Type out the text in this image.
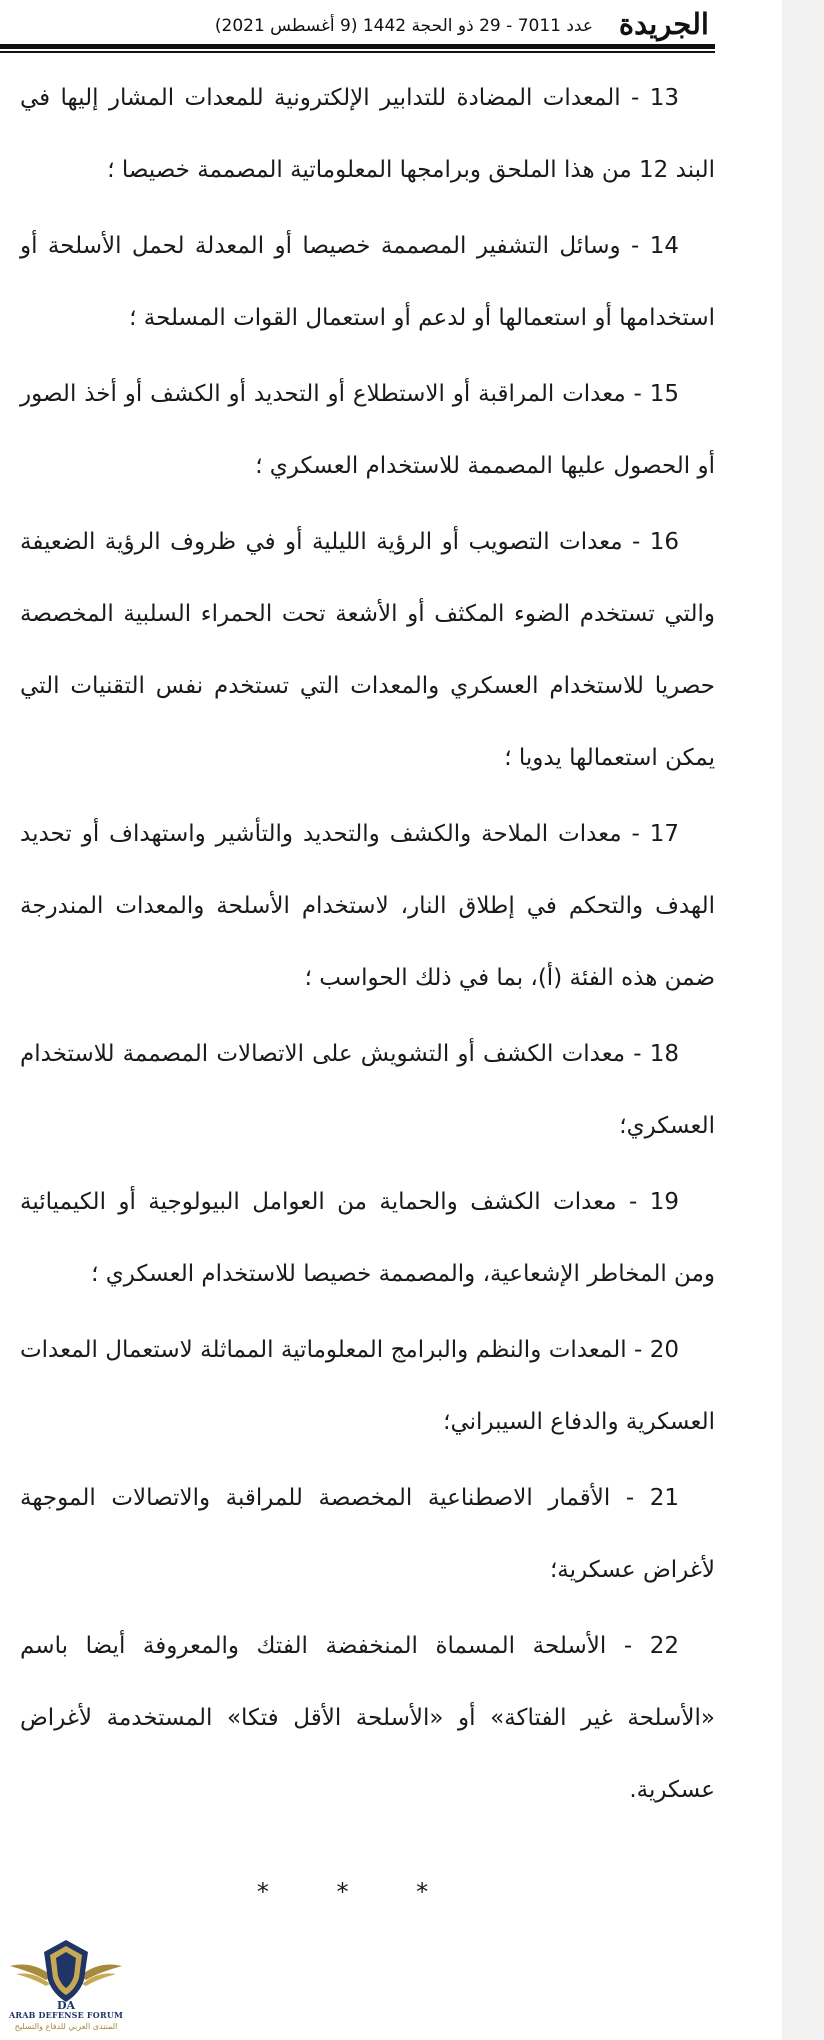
الجريدة
عدد 7011 - 29 ذو الحجة 1442 (9 أغسطس 2021)

13 - المعدات المضادة للتدابير الإلكترونية للمعدات المشار إليها في البند 12 من هذا الملحق وبرامجها المعلوماتية المصممة خصيصا ؛

14 - وسائل التشفير المصممة خصيصا أو المعدلة لحمل الأسلحة أو استخدامها أو استعمالها أو لدعم أو استعمال القوات المسلحة ؛

15 - معدات المراقبة أو الاستطلاع أو التحديد أو الكشف أو أخذ الصور أو الحصول عليها المصممة للاستخدام العسكري ؛

16 - معدات التصويب أو الرؤية الليلية أو في ظروف الرؤية الضعيفة والتي تستخدم الضوء المكثف أو الأشعة تحت الحمراء السلبية المخصصة حصريا للاستخدام العسكري والمعدات التي تستخدم نفس التقنيات التي يمكن استعمالها يدويا ؛

17 - معدات الملاحة والكشف والتحديد والتأشير واستهداف أو تحديد الهدف والتحكم في إطلاق النار، لاستخدام الأسلحة والمعدات المندرجة ضمن هذه الفئة (أ)، بما في ذلك الحواسب ؛

18 - معدات الكشف أو التشويش على الاتصالات المصممة للاستخدام العسكري؛

19 - معدات الكشف والحماية من العوامل البيولوجية أو الكيميائية ومن المخاطر الإشعاعية، والمصممة خصيصا للاستخدام العسكري ؛

20 - المعدات والنظم والبرامج المعلوماتية المماثلة لاستعمال المعدات العسكرية والدفاع السيبراني؛

21 - الأقمار الاصطناعية المخصصة للمراقبة والاتصالات الموجهة لأغراض عسكرية؛

22 - الأسلحة المسماة المنخفضة الفتك والمعروفة أيضا باسم «الأسلحة غير الفتاكة» أو «الأسلحة الأقل فتكا» المستخدمة لأغراض عسكرية.

* * *
DA
ARAB DEFENSE FORUM
المنتدى العربي للدفاع والتسليح
